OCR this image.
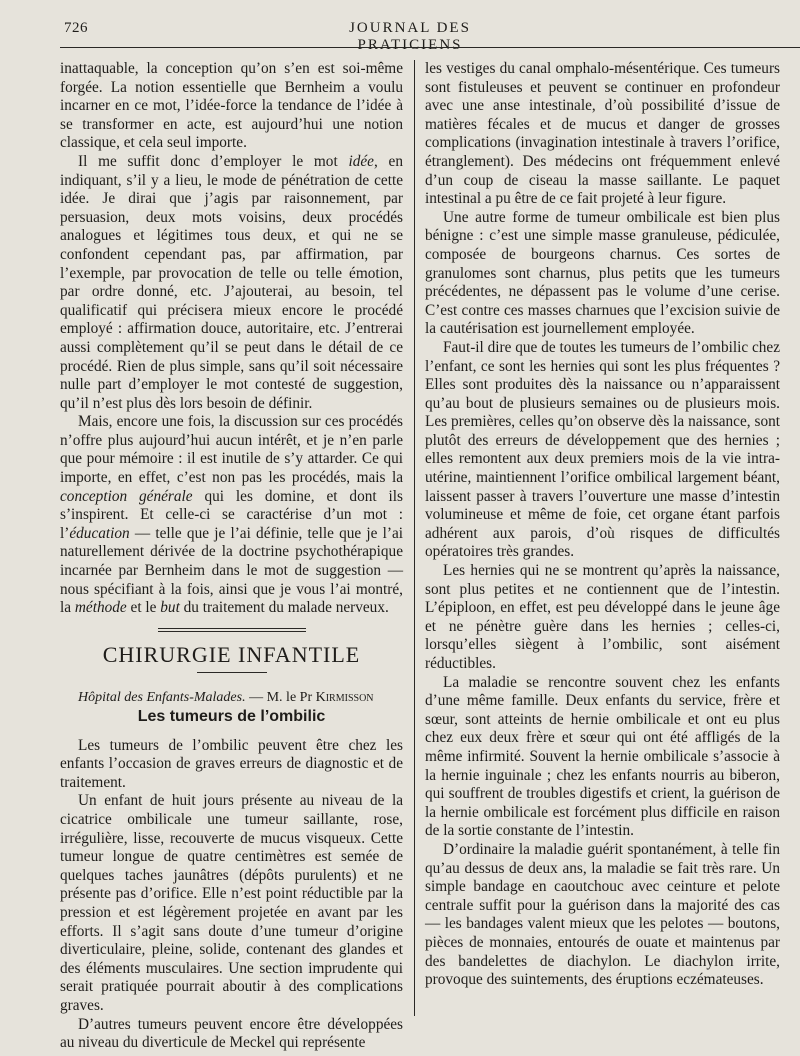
726	JOURNAL DES PRATICIENS

inattaquable, la conception qu’on s’en est soi-même forgée. La notion essentielle que Bernheim a voulu incarner en ce mot, l’idée-force la tendance de l’idée à se transformer en acte, est aujourd’hui une notion classique, et cela seul importe.

Il me suffit donc d’employer le mot idée, en indiquant, s’il y a lieu, le mode de pénétration de cette idée. Je dirai que j’agis par raisonnement, par persuasion, deux mots voisins, deux procédés analogues et légitimes tous deux, et qui ne se confondent cependant pas, par affirmation, par l’exemple, par provocation de telle ou telle émotion, par ordre donné, etc. J’ajouterai, au besoin, tel qualificatif qui précisera mieux encore le procédé employé : affirmation douce, autoritaire, etc. J’entrerai aussi complètement qu’il se peut dans le détail de ce procédé. Rien de plus simple, sans qu’il soit nécessaire nulle part d’employer le mot contesté de suggestion, qu’il n’est plus dès lors besoin de définir.

Mais, encore une fois, la discussion sur ces procédés n’offre plus aujourd’hui aucun intérêt, et je n’en parle que pour mémoire : il est inutile de s’y attarder. Ce qui importe, en effet, c’est non pas les procédés, mais la conception générale qui les domine, et dont ils s’inspirent. Et celle-ci se caractérise d’un mot : l’éducation — telle que je l’ai définie, telle que je l’ai naturellement dérivée de la doctrine psychothérapique incarnée par Bernheim dans le mot de suggestion — nous spécifiant à la fois, ainsi que je vous l’ai montré, la méthode et le but du traitement du malade nerveux.

CHIRURGIE INFANTILE

Hôpital des Enfants-Malades. — M. le Pr Kirmisson

Les tumeurs de l’ombilic

Les tumeurs de l’ombilic peuvent être chez les enfants l’occasion de graves erreurs de diagnostic et de traitement.

Un enfant de huit jours présente au niveau de la cicatrice ombilicale une tumeur saillante, rose, irrégulière, lisse, recouverte de mucus visqueux. Cette tumeur longue de quatre centimètres est semée de quelques taches jaunâtres (dépôts purulents) et ne présente pas d’orifice. Elle n’est point réductible par la pression et est légèrement projetée en avant par les efforts. Il s’agit sans doute d’une tumeur d’origine diverticulaire, pleine, solide, contenant des glandes et des éléments musculaires. Une section imprudente qui serait pratiquée pourrait aboutir à des complications graves.

D’autres tumeurs peuvent encore être développées au niveau du diverticule de Meckel qui représente

les vestiges du canal omphalo-mésentérique. Ces tumeurs sont fistuleuses et peuvent se continuer en profondeur avec une anse intestinale, d’où possibilité d’issue de matières fécales et de mucus et danger de grosses complications (invagination intestinale à travers l’orifice, étranglement). Des médecins ont fréquemment enlevé d’un coup de ciseau la masse saillante. Le paquet intestinal a pu être de ce fait projeté à leur figure.

Une autre forme de tumeur ombilicale est bien plus bénigne : c’est une simple masse granuleuse, pédiculée, composée de bourgeons charnus. Ces sortes de granulomes sont charnus, plus petits que les tumeurs précédentes, ne dépassent pas le volume d’une cerise. C’est contre ces masses charnues que l’excision suivie de la cautérisation est journellement employée.

Faut-il dire que de toutes les tumeurs de l’ombilic chez l’enfant, ce sont les hernies qui sont les plus fréquentes ? Elles sont produites dès la naissance ou n’apparaissent qu’au bout de plusieurs semaines ou de plusieurs mois. Les premières, celles qu’on observe dès la naissance, sont plutôt des erreurs de développement que des hernies ; elles remontent aux deux premiers mois de la vie intra-utérine, maintiennent l’orifice ombilical largement béant, laissent passer à travers l’ouverture une masse d’intestin volumineuse et même de foie, cet organe étant parfois adhérent aux parois, d’où risques de difficultés opératoires très grandes.

Les hernies qui ne se montrent qu’après la naissance, sont plus petites et ne contiennent que de l’intestin. L’épiploon, en effet, est peu développé dans le jeune âge et ne pénètre guère dans les hernies ; celles-ci, lorsqu’elles siègent à l’ombilic, sont aisément réductibles.

La maladie se rencontre souvent chez les enfants d’une même famille. Deux enfants du service, frère et sœur, sont atteints de hernie ombilicale et ont eu plus chez eux deux frère et sœur qui ont été affligés de la même infirmité. Souvent la hernie ombilicale s’associe à la hernie inguinale ; chez les enfants nourris au biberon, qui souffrent de troubles digestifs et crient, la guérison de la hernie ombilicale est forcément plus difficile en raison de la sortie constante de l’intestin.

D’ordinaire la maladie guérit spontanément, à telle fin qu’au dessus de deux ans, la maladie se fait très rare. Un simple bandage en caoutchouc avec ceinture et pelote centrale suffit pour la guérison dans la majorité des cas — les bandages valent mieux que les pelotes — boutons, pièces de monnaies, entourés de ouate et maintenus par des bandelettes de diachylon. Le diachylon irrite, provoque des suintements, des éruptions eczémateuses.
